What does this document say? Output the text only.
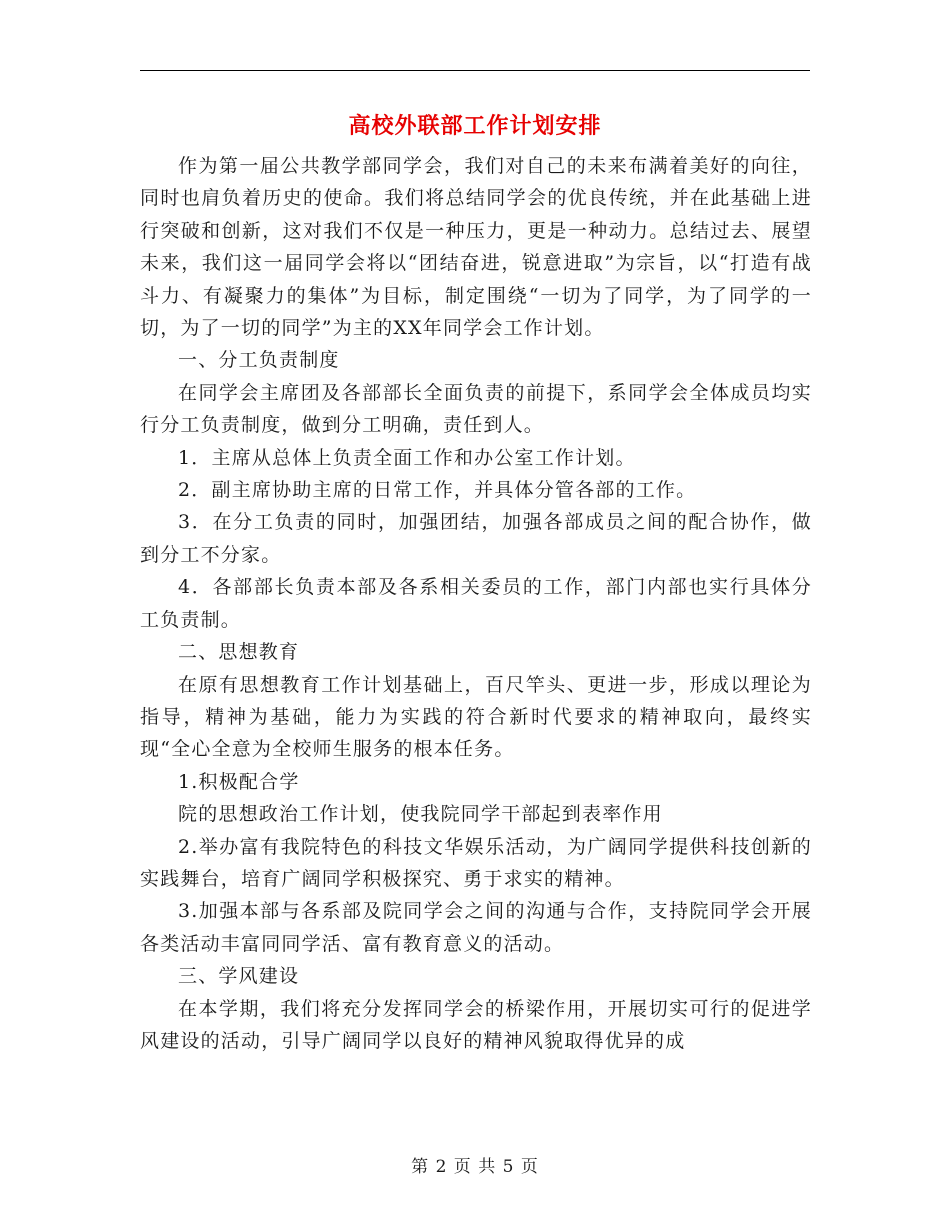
高校外联部工作计划安排

作为第一届公共教学部同学会，我们对自己的未来布满着美好的向往，同时也肩负着历史的使命。我们将总结同学会的优良传统，并在此基础上进行突破和创新，这对我们不仅是一种压力，更是一种动力。总结过去、展望未来，我们这一届同学会将以“团结奋进，锐意进取”为宗旨，以“打造有战斗力、有凝聚力的集体”为目标，制定围绕“一切为了同学，为了同学的一切，为了一切的同学”为主的XX年同学会工作计划。

一、分工负责制度

在同学会主席团及各部部长全面负责的前提下，系同学会全体成员均实行分工负责制度，做到分工明确，责任到人。

1．主席从总体上负责全面工作和办公室工作计划。

2．副主席协助主席的日常工作，并具体分管各部的工作。

3．在分工负责的同时，加强团结，加强各部成员之间的配合协作，做到分工不分家。

4．各部部长负责本部及各系相关委员的工作，部门内部也实行具体分工负责制。

二、思想教育

在原有思想教育工作计划基础上，百尺竿头、更进一步，形成以理论为指导，精神为基础，能力为实践的符合新时代要求的精神取向，最终实现“全心全意为全校师生服务的根本任务。

1.积极配合学

院的思想政治工作计划，使我院同学干部起到表率作用

2.举办富有我院特色的科技文华娱乐活动，为广阔同学提供科技创新的实践舞台，培育广阔同学积极探究、勇于求实的精神。

3.加强本部与各系部及院同学会之间的沟通与合作，支持院同学会开展各类活动丰富同同学活、富有教育意义的活动。

三、学风建设

在本学期，我们将充分发挥同学会的桥梁作用，开展切实可行的促进学风建设的活动，引导广阔同学以良好的精神风貌取得优异的成

第 2 页 共 5 页
